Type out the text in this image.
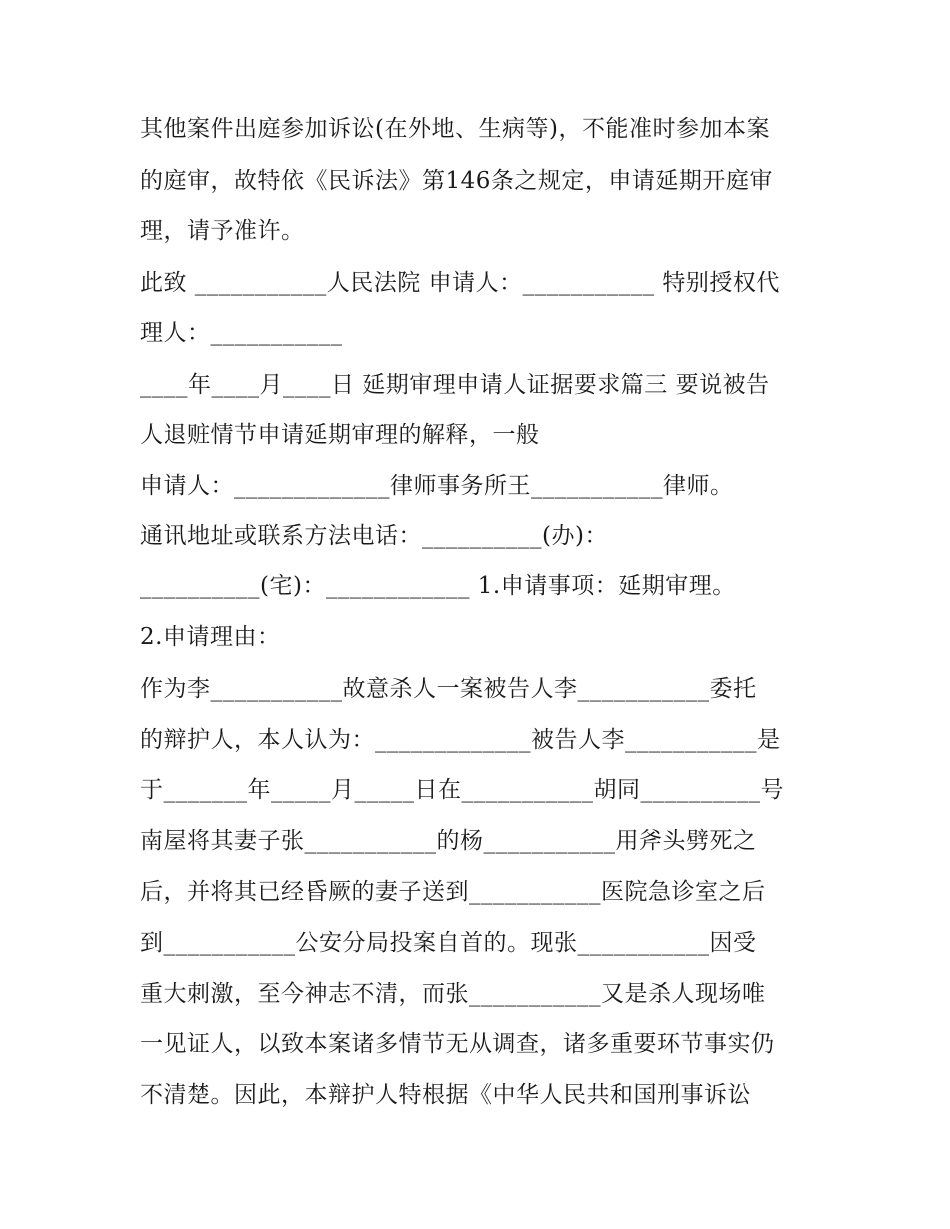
其他案件出庭参加诉讼(在外地、生病等)，不能准时参加本案
的庭审，故特依《民诉法》第146条之规定，申请延期开庭审
理，请予准许。
此致 ___________人民法院 申请人：___________ 特别授权代
理人：___________
____年____月____日 延期审理申请人证据要求篇三 要说被告
人退赃情节申请延期审理的解释，一般
申请人：_____________律师事务所王___________律师。
通讯地址或联系方法电话：__________(办)：
__________(宅)：____________ 1.申请事项：延期审理。
2.申请理由：
作为李___________故意杀人一案被告人李___________委托
的辩护人，本人认为：_____________被告人李___________是
于_______年_____月_____日在___________胡同__________号
南屋将其妻子张___________的杨___________用斧头劈死之
后，并将其已经昏厥的妻子送到___________医院急诊室之后
到___________公安分局投案自首的。现张___________因受
重大刺激，至今神志不清，而张___________又是杀人现场唯
一见证人，以致本案诸多情节无从调查，诸多重要环节事实仍
不清楚。因此，本辩护人特根据《中华人民共和国刑事诉讼
